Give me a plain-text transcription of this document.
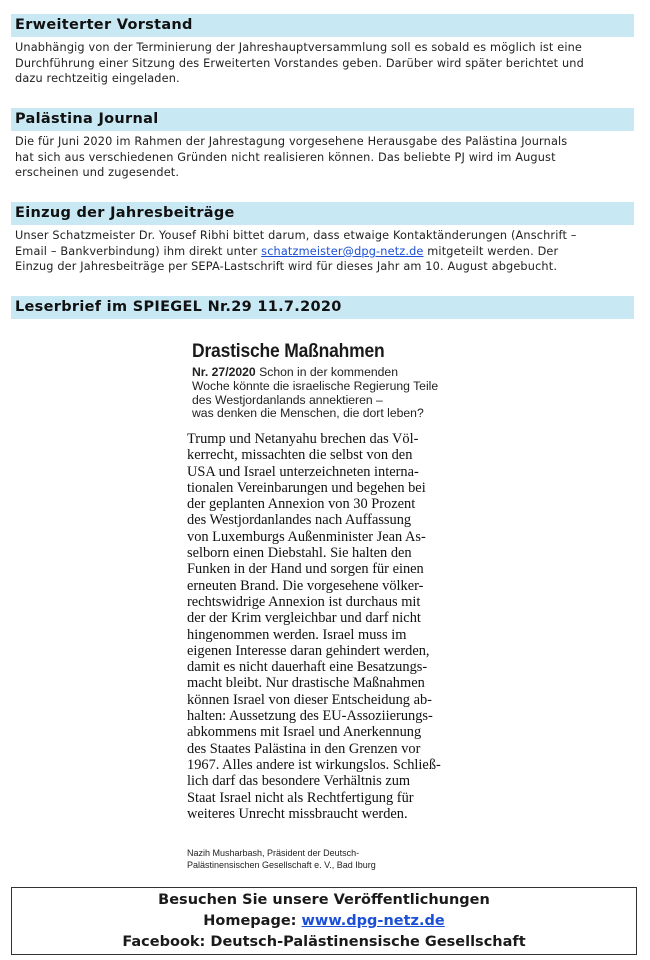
Erweiterter Vorstand
Unabhängig von der Terminierung der Jahreshauptversammlung soll es sobald es möglich ist eine
Durchführung einer Sitzung des Erweiterten Vorstandes geben. Darüber wird später berichtet und
dazu rechtzeitig eingeladen.
Palästina Journal
Die für Juni 2020 im Rahmen der Jahrestagung vorgesehene Herausgabe des Palästina Journals
hat sich aus verschiedenen Gründen nicht realisieren können. Das beliebte PJ wird im August
erscheinen und zugesendet.
Einzug der Jahresbeiträge
Unser Schatzmeister Dr. Yousef Ribhi bittet darum, dass etwaige Kontaktänderungen (Anschrift –
Email – Bankverbindung) ihm direkt unter schatzmeister@dpg-netz.de mitgeteilt werden. Der
Einzug der Jahresbeiträge per SEPA-Lastschrift wird für dieses Jahr am 10. August abgebucht.
Leserbrief im SPIEGEL Nr.29 11.7.2020
Drastische Maßnahmen
Nr. 27/2020 Schon in der kommenden
Woche könnte die israelische Regierung Teile
des Westjordanlands annektieren –
was denken die Menschen, die dort leben?
Trump und Netanyahu brechen das Völ-
kerrecht, missachten die selbst von den
USA und Israel unterzeichneten interna-
tionalen Vereinbarungen und begehen bei
der geplanten Annexion von 30 Prozent
des Westjordanlandes nach Auffassung
von Luxemburgs Außenminister Jean As-
selborn einen Diebstahl. Sie halten den
Funken in der Hand und sorgen für einen
erneuten Brand. Die vorgesehene völker-
rechtswidrige Annexion ist durchaus mit
der der Krim vergleichbar und darf nicht
hingenommen werden. Israel muss im
eigenen Interesse daran gehindert werden,
damit es nicht dauerhaft eine Besatzungs-
macht bleibt. Nur drastische Maßnahmen
können Israel von dieser Entscheidung ab-
halten: Aussetzung des EU-Assoziierungs-
abkommens mit Israel und Anerkennung
des Staates Palästina in den Grenzen vor
1967. Alles andere ist wirkungslos. Schließ-
lich darf das besondere Verhältnis zum
Staat Israel nicht als Rechtfertigung für
weiteres Unrecht missbraucht werden.
Nazih Musharbash, Präsident der Deutsch-
Palästinensischen Gesellschaft e. V., Bad Iburg
Besuchen Sie unsere Veröffentlichungen
Homepage: www.dpg-netz.de
Facebook: Deutsch-Palästinensische Gesellschaft
